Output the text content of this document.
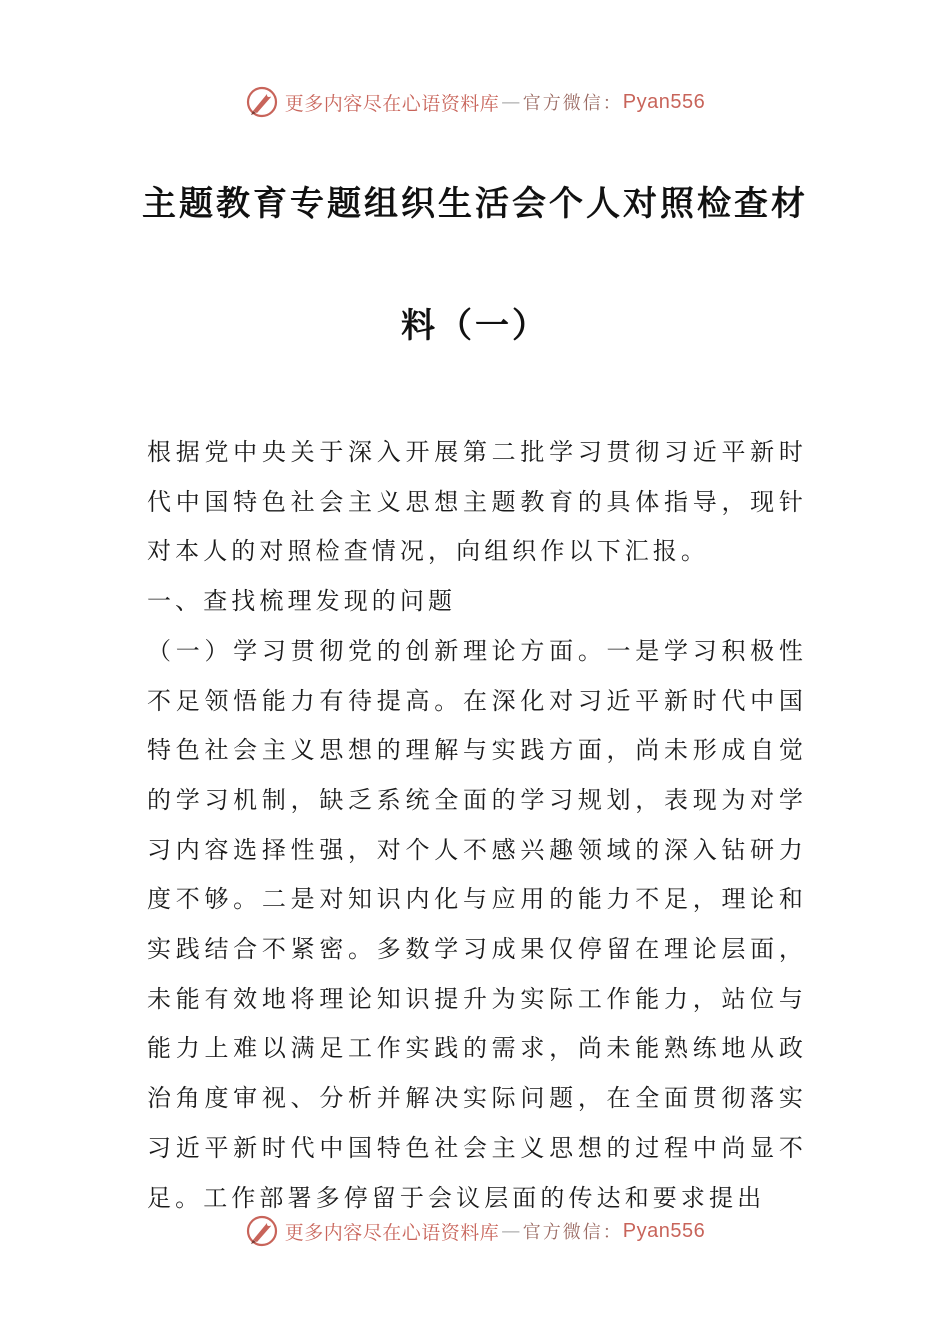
更多内容尽在心语资料库 — 官方微信： Pyan556
主题教育专题组织生活会个人对照检查材
料（一）

根据党中央关于深入开展第二批学习贯彻习近平新时代中国特色社会主义思想主题教育的具体指导，现针对本人的对照检查情况，向组织作以下汇报。

一、查找梳理发现的问题

（一）学习贯彻党的创新理论方面。一是学习积极性不足领悟能力有待提高。在深化对习近平新时代中国特色社会主义思想的理解与实践方面，尚未形成自觉的学习机制，缺乏系统全面的学习规划，表现为对学习内容选择性强，对个人不感兴趣领域的深入钻研力度不够。二是对知识内化与应用的能力不足，理论和实践结合不紧密。多数学习成果仅停留在理论层面，未能有效地将理论知识提升为实际工作能力，站位与能力上难以满足工作实践的需求，尚未能熟练地从政治角度审视、分析并解决实际问题，在全面贯彻落实习近平新时代中国特色社会主义思想的过程中尚显不足。工作部署多停留于会议层面的传达和要求提出

更多内容尽在心语资料库 — 官方微信： Pyan556
